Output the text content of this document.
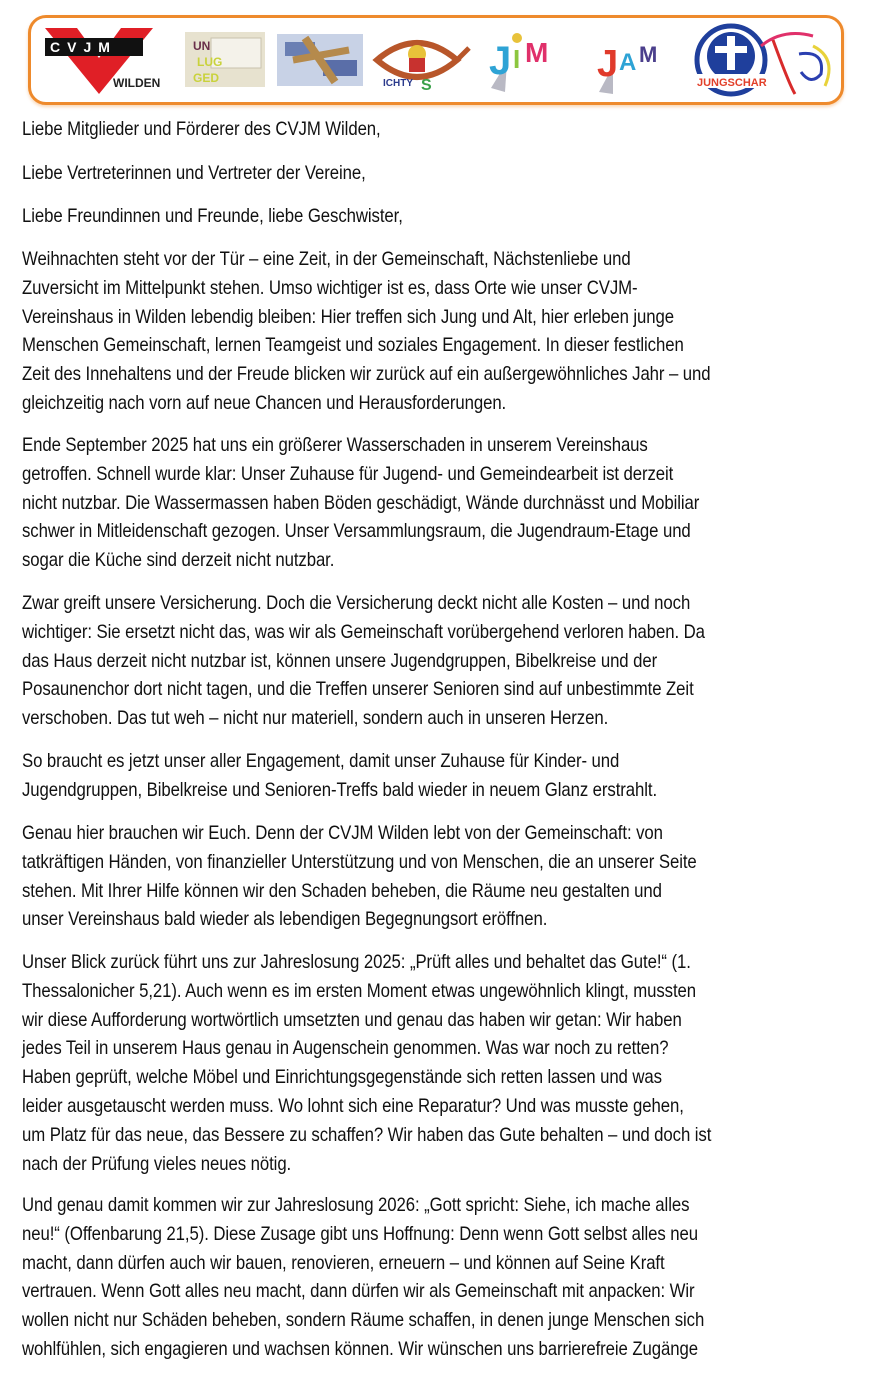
CVJM
WILDEN
UN
LUG
GED	ICHTY S
J I M J A M
JUNGSCHAR

Liebe Mitglieder und Förderer des CVJM Wilden,

Liebe Vertreterinnen und Vertreter der Vereine,

Liebe Freundinnen und Freunde, liebe Geschwister,

Weihnachten steht vor der Tür – eine Zeit, in der Gemeinschaft, Nächstenliebe und
Zuversicht im Mittelpunkt stehen. Umso wichtiger ist es, dass Orte wie unser CVJM-
Vereinshaus in Wilden lebendig bleiben: Hier treffen sich Jung und Alt, hier erleben junge
Menschen Gemeinschaft, lernen Teamgeist und soziales Engagement. In dieser festlichen
Zeit des Innehaltens und der Freude blicken wir zurück auf ein außergewöhnliches Jahr – und
gleichzeitig nach vorn auf neue Chancen und Herausforderungen.

Ende September 2025 hat uns ein größerer Wasserschaden in unserem Vereinshaus
getroffen. Schnell wurde klar: Unser Zuhause für Jugend- und Gemeindearbeit ist derzeit
nicht nutzbar. Die Wassermassen haben Böden geschädigt, Wände durchnässt und Mobiliar
schwer in Mitleidenschaft gezogen. Unser Versammlungsraum, die Jugendraum-Etage und
sogar die Küche sind derzeit nicht nutzbar.

Zwar greift unsere Versicherung. Doch die Versicherung deckt nicht alle Kosten – und noch
wichtiger: Sie ersetzt nicht das, was wir als Gemeinschaft vorübergehend verloren haben. Da
das Haus derzeit nicht nutzbar ist, können unsere Jugendgruppen, Bibelkreise und der
Posaunenchor dort nicht tagen, und die Treffen unserer Senioren sind auf unbestimmte Zeit
verschoben. Das tut weh – nicht nur materiell, sondern auch in unseren Herzen.

So braucht es jetzt unser aller Engagement, damit unser Zuhause für Kinder- und
Jugendgruppen, Bibelkreise und Senioren-Treffs bald wieder in neuem Glanz erstrahlt.

Genau hier brauchen wir Euch. Denn der CVJM Wilden lebt von der Gemeinschaft: von
tatkräftigen Händen, von finanzieller Unterstützung und von Menschen, die an unserer Seite
stehen. Mit Ihrer Hilfe können wir den Schaden beheben, die Räume neu gestalten und
unser Vereinshaus bald wieder als lebendigen Begegnungsort eröffnen.

Unser Blick zurück führt uns zur Jahreslosung 2025: „Prüft alles und behaltet das Gute!“ (1.
Thessalonicher 5,21). Auch wenn es im ersten Moment etwas ungewöhnlich klingt, mussten
wir diese Aufforderung wortwörtlich umsetzten und genau das haben wir getan: Wir haben
jedes Teil in unserem Haus genau in Augenschein genommen. Was war noch zu retten?
Haben geprüft, welche Möbel und Einrichtungsgegenstände sich retten lassen und was
leider ausgetauscht werden muss. Wo lohnt sich eine Reparatur? Und was musste gehen,
um Platz für das neue, das Bessere zu schaffen? Wir haben das Gute behalten – und doch ist
nach der Prüfung vieles neues nötig.

Und genau damit kommen wir zur Jahreslosung 2026: „Gott spricht: Siehe, ich mache alles
neu!“ (Offenbarung 21,5). Diese Zusage gibt uns Hoffnung: Denn wenn Gott selbst alles neu
macht, dann dürfen auch wir bauen, renovieren, erneuern – und können auf Seine Kraft
vertrauen. Wenn Gott alles neu macht, dann dürfen wir als Gemeinschaft mit anpacken: Wir
wollen nicht nur Schäden beheben, sondern Räume schaffen, in denen junge Menschen sich
wohlfühlen, sich engagieren und wachsen können. Wir wünschen uns barrierefreie Zugänge
